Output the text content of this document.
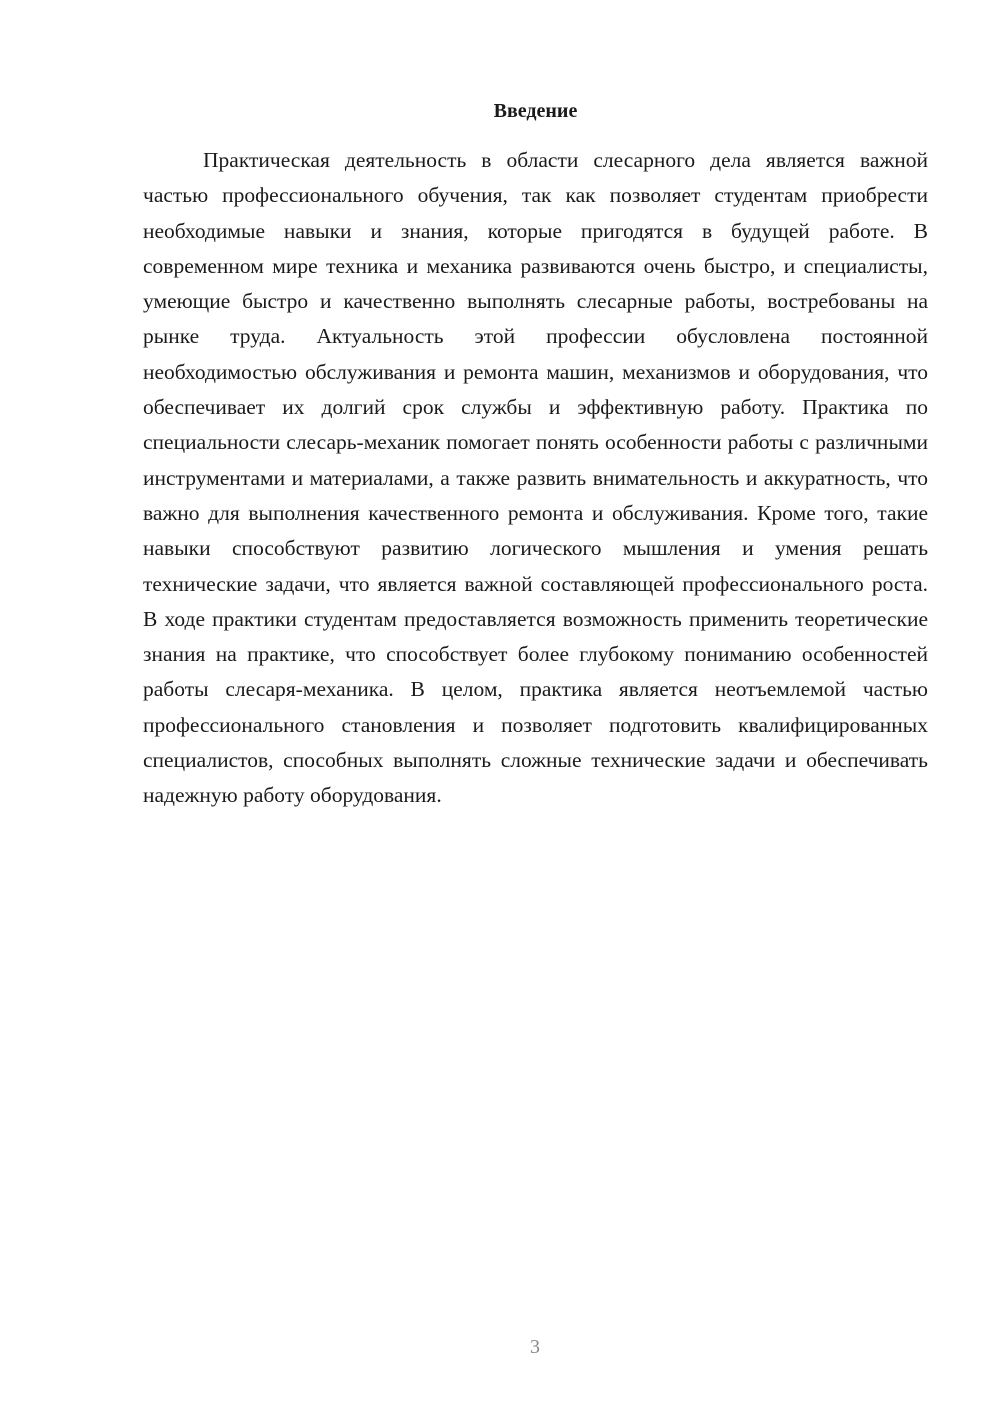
Введение

Практическая деятельность в области слесарного дела является важной частью профессионального обучения, так как позволяет студентам приобрести необходимые навыки и знания, которые пригодятся в будущей работе. В современном мире техника и механика развиваются очень быстро, и специалисты, умеющие быстро и качественно выполнять слесарные работы, востребованы на рынке труда. Актуальность этой профессии обусловлена постоянной необходимостью обслуживания и ремонта машин, механизмов и оборудования, что обеспечивает их долгий срок службы и эффективную работу. Практика по специальности слесарь-механик помогает понять особенности работы с различными инструментами и материалами, а также развить внимательность и аккуратность, что важно для выполнения качественного ремонта и обслуживания. Кроме того, такие навыки способствуют развитию логического мышления и умения решать технические задачи, что является важной составляющей профессионального роста. В ходе практики студентам предоставляется возможность применить теоретические знания на практике, что способствует более глубокому пониманию особенностей работы слесаря-механика. В целом, практика является неотъемлемой частью профессионального становления и позволяет подготовить квалифицированных специалистов, способных выполнять сложные технические задачи и обеспечивать надежную работу оборудования.

3
